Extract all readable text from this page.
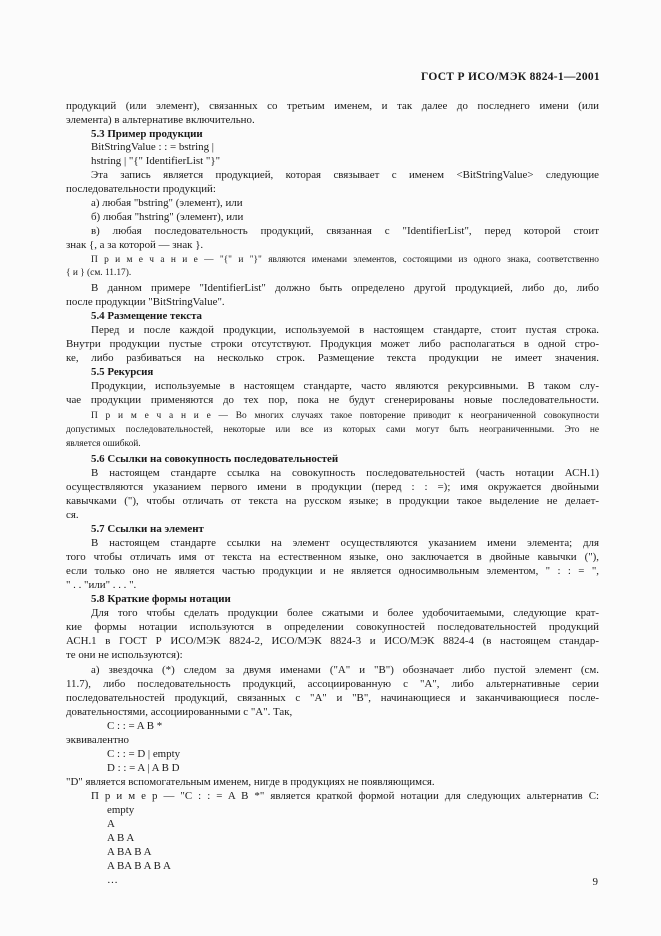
ГОСТ Р ИСО/МЭК 8824-1—2001
продукций (или элемент), связанных со третьим именем, и так далее до последнего имени (или
элемента) в альтернативе включительно.
5.3 Пример продукции
BitStringValue : : = bstring |
hstring | "{" IdentifierList "}"
Эта запись является продукцией, которая связывает с именем <BitStringValue> следующие
последовательности продукций:
а) любая "bstring" (элемент), или
б) любая "hstring" (элемент), или
в) любая последовательность продукций, связанная с "IdentifierList", перед которой стоит
знак {, а за которой — знак }.
П р и м е ч а н и е — "{" и "}" являются именами элементов, состоящими из одного знака, соответственно
{ и } (см. 11.17).
В данном примере "IdentifierList" должно быть определено другой продукцией, либо до, либо
после продукции "BitStringValue".
5.4 Размещение текста
Перед и после каждой продукции, используемой в настоящем стандарте, стоит пустая строка.
Внутри продукции пустые строки отсутствуют. Продукция может либо располагаться в одной стро-
ке, либо разбиваться на несколько строк. Размещение текста продукции не имеет значения.
5.5 Рекурсия
Продукции, используемые в настоящем стандарте, часто являются рекурсивными. В таком слу-
чае продукции применяются до тех пор, пока не будут сгенерированы новые последовательности.
П р и м е ч а н и е — Во многих случаях такое повторение приводит к неограниченной совокупности
допустимых последовательностей, некоторые или все из которых сами могут быть неограниченными. Это не
является ошибкой.
5.6 Ссылки на совокупность последовательностей
В настоящем стандарте ссылка на совокупность последовательностей (часть нотации АСН.1)
осуществляются указанием первого имени в продукции (перед : : =); имя окружается двойными
кавычками ("), чтобы отличать от текста на русском языке; в продукции такое выделение не делает-
ся.
5.7 Ссылки на элемент
В настоящем стандарте ссылки на элемент осуществляются указанием имени элемента; для
того чтобы отличать имя от текста на естественном языке, оно заключается в двойные кавычки ("),
если только оно не является частью продукции и не является односимвольным элементом, " : : = ",
" . . "или" . . . ".
5.8 Краткие формы нотации
Для того чтобы сделать продукции более сжатыми и более удобочитаемыми, следующие крат-
кие формы нотации используются в определении совокупностей последовательностей продукций
АСН.1 в ГОСТ Р ИСО/МЭК 8824-2, ИСО/МЭК 8824-3 и ИСО/МЭК 8824-4 (в настоящем стандар-
те они не используются):
а) звездочка (*) следом за двумя именами ("А" и "В") обозначает либо пустой элемент (см.
11.7), либо последовательность продукций, ассоциированную с "А", либо альтернативные серии
последовательностей продукций, связанных с "А" и "В", начинающиеся и заканчивающиеся после-
довательностями, ассоциированными с "А". Так,
C : : = A B *
эквивалентно
C : : = D | empty
D : : = A | A B D
"D" является вспомогательным именем, нигде в продукциях не появляющимся.
П р и м е р — "C : : = A B *" является краткой формой нотации для следующих альтернатив C:
empty
A
A B A
A BA B A
A BA B A B A
…	9
